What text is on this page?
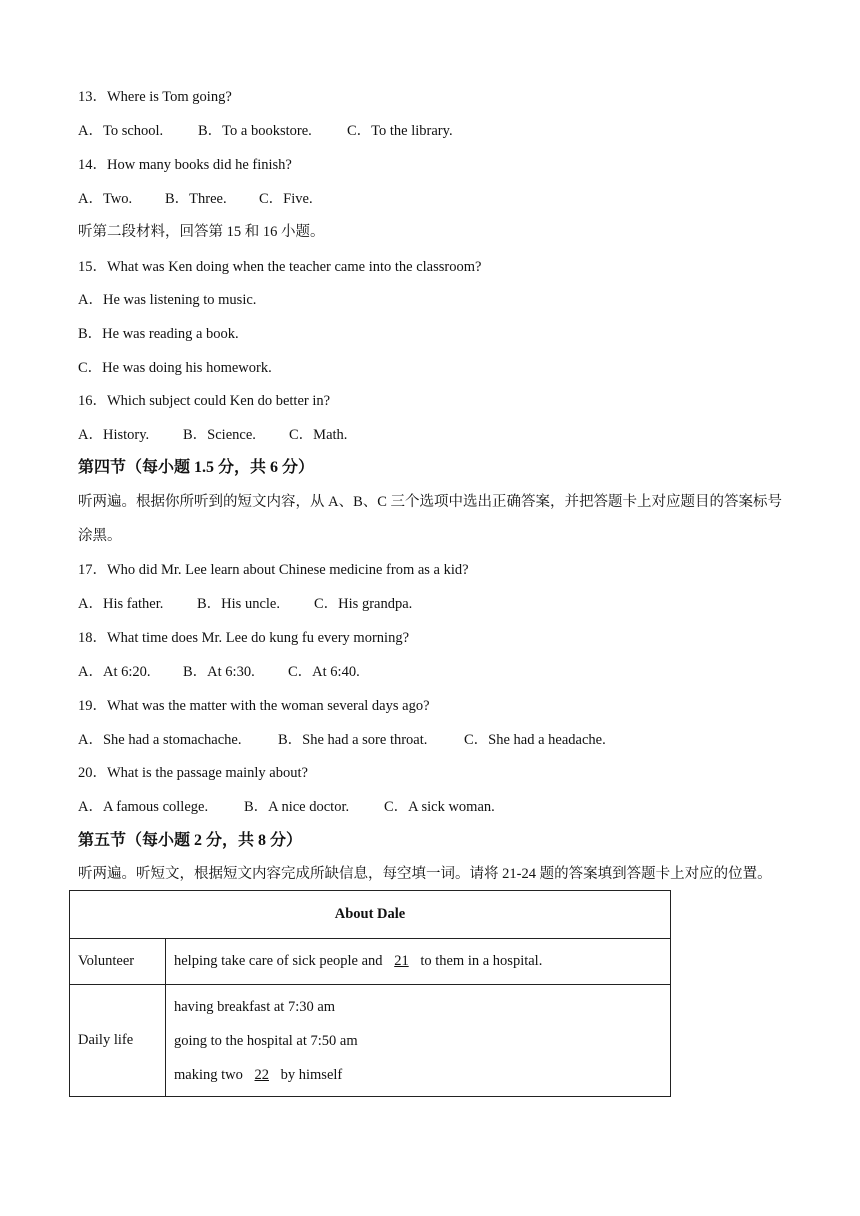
13．Where is Tom going?
A．To school. B．To a bookstore. C．To the library.
14．How many books did he finish?
A．Two. B．Three. C．Five.
听第二段材料，回答第 15 和 16 小题。
15．What was Ken doing when the teacher came into the classroom?
A．He was listening to music.
B．He was reading a book.
C．He was doing his homework.
16．Which subject could Ken do better in?
A．History. B．Science. C．Math.
第四节（每小题 1.5 分，共 6 分）
听两遍。根据你所听到的短文内容，从 A、B、C 三个选项中选出正确答案，并把答题卡上对应题目的答案标号涂黑。
17．Who did Mr. Lee learn about Chinese medicine from as a kid?
A．His father. B．His uncle. C．His grandpa.
18．What time does Mr. Lee do kung fu every morning?
A．At 6:20. B．At 6:30. C．At 6:40.
19．What was the matter with the woman several days ago?
A．She had a stomachache.	B．She had a sore throat.	C．She had a headache.
20．What is the passage mainly about?
A．A famous college. B．A nice doctor. C．A sick woman.
第五节（每小题 2 分，共 8 分）
听两遍。听短文，根据短文内容完成所缺信息，每空填一词。请将 21-24 题的答案填到答题卡上对应的位置。
About Dale	
Volunteer	helping take care of sick people and 21 to them in a hospital.
Daily life	having breakfast at 7:30 am
going to the hospital at 7:50 am
making two 22 by himself
